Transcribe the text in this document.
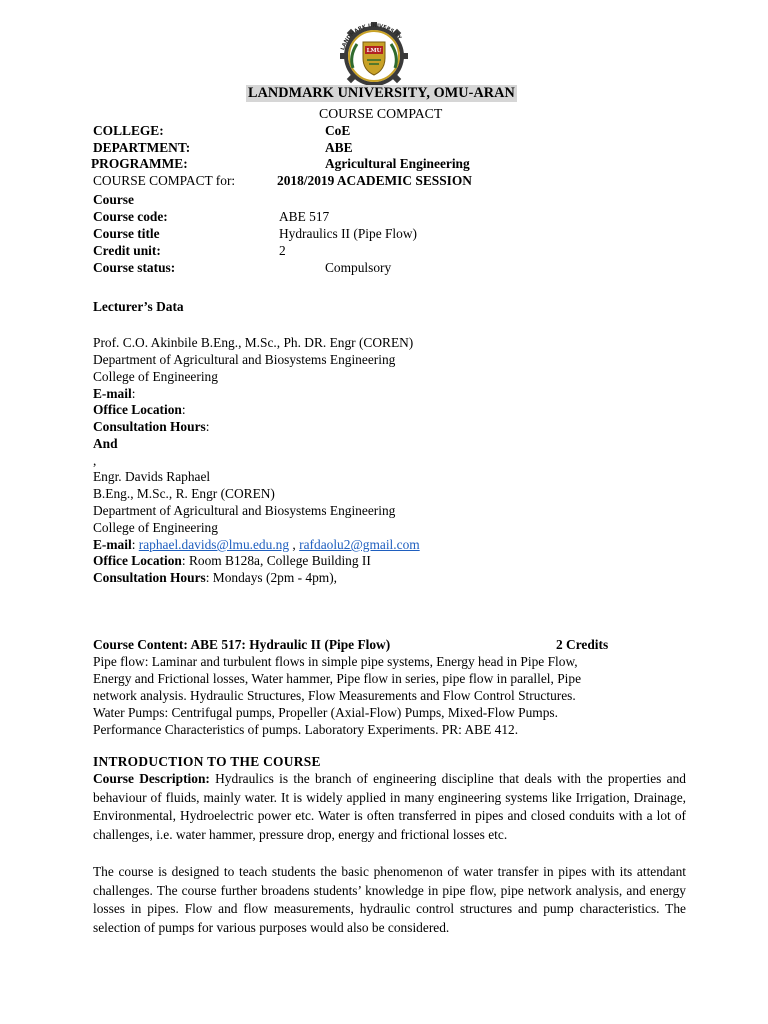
LANDMARK UNIVERSITY
LMU
LANDMARK UNIVERSITY, OMU-ARAN
COURSE COMPACT
COLLEGE:	CoE
DEPARTMENT:	ABE
PROGRAMME:	Agricultural Engineering
COURSE COMPACT for:	2018/2019 ACADEMIC SESSION
Course
Course code:	ABE 517
Course title	Hydraulics II (Pipe Flow)
Credit unit:	2
Course status:	Compulsory
Lecturer’s Data
Prof. C.O. Akinbile B.Eng., M.Sc., Ph. DR. Engr (COREN)
Department of Agricultural and Biosystems Engineering
College of Engineering
E-mail:
Office Location:
Consultation Hours:
And
,
Engr. Davids Raphael
B.Eng., M.Sc., R. Engr (COREN)
Department of Agricultural and Biosystems Engineering
College of Engineering
E-mail: raphael.davids@lmu.edu.ng , rafdaolu2@gmail.com
Office Location: Room B128a, College Building II
Consultation Hours: Mondays (2pm - 4pm),
Course Content: ABE 517: Hydraulic II (Pipe Flow)	2 Credits
Pipe flow: Laminar and turbulent flows in simple pipe systems, Energy head in Pipe Flow,
Energy and Frictional losses, Water hammer, Pipe flow in series, pipe flow in parallel, Pipe
network analysis. Hydraulic Structures, Flow Measurements and Flow Control Structures.
Water Pumps: Centrifugal pumps, Propeller (Axial-Flow) Pumps, Mixed-Flow Pumps.
Performance Characteristics of pumps. Laboratory Experiments. PR: ABE 412.
INTRODUCTION TO THE COURSE
Course Description: Hydraulics is the branch of engineering discipline that deals with the properties and behaviour of fluids, mainly water. It is widely applied in many engineering systems like Irrigation, Drainage, Environmental, Hydroelectric power etc. Water is often transferred in pipes and closed conduits with a lot of challenges, i.e. water hammer, pressure drop, energy and frictional losses etc.
The course is designed to teach students the basic phenomenon of water transfer in pipes with its attendant challenges. The course further broadens students’ knowledge in pipe flow, pipe network analysis, and energy losses in pipes. Flow and flow measurements, hydraulic control structures and pump characteristics. The selection of pumps for various purposes would also be considered.
